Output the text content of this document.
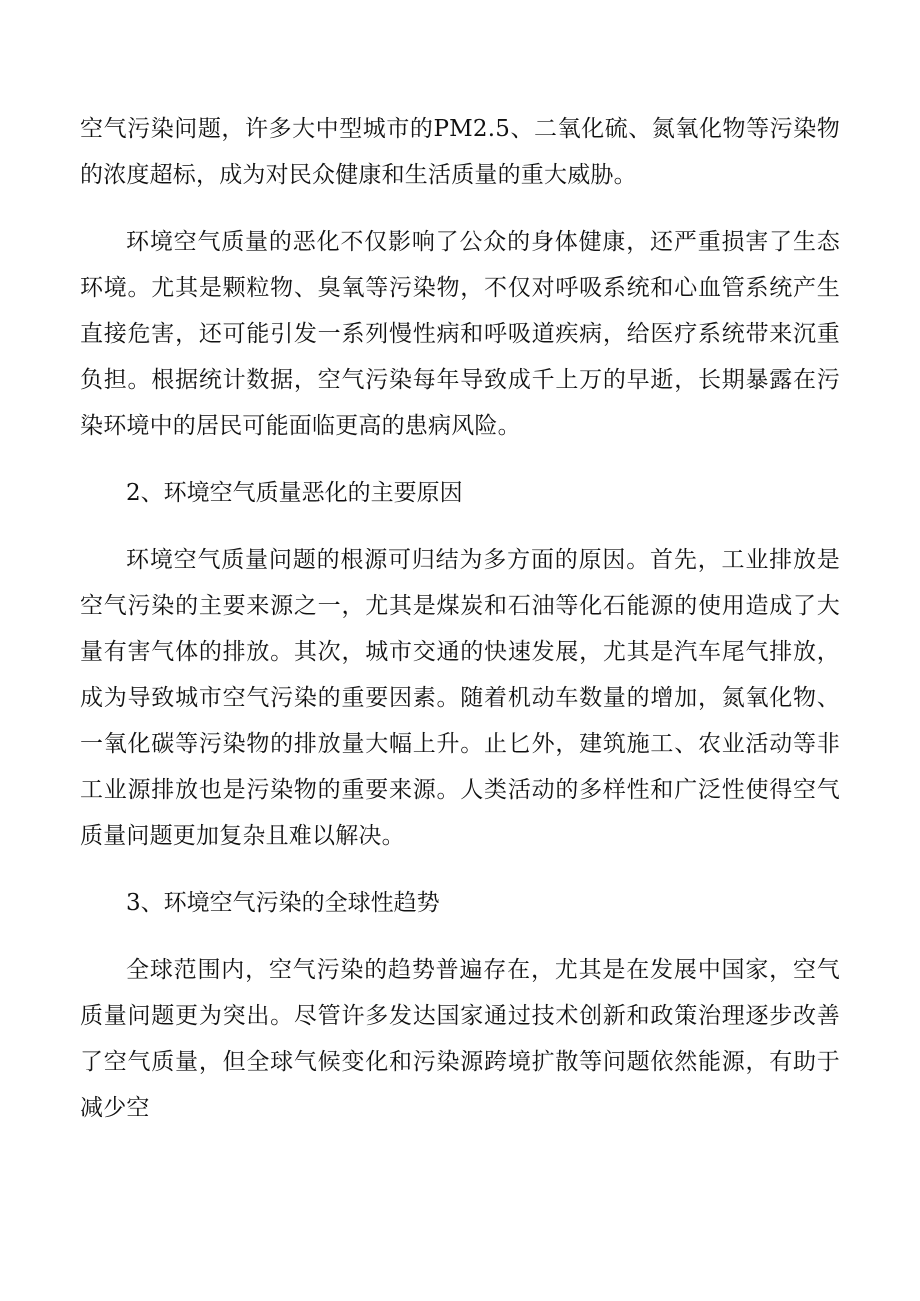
空气污染问题，许多大中型城市的PM2.5、二氧化硫、氮氧化物等污染物的浓度超标，成为对民众健康和生活质量的重大威胁。

环境空气质量的恶化不仅影响了公众的身体健康，还严重损害了生态环境。尤其是颗粒物、臭氧等污染物，不仅对呼吸系统和心血管系统产生直接危害，还可能引发一系列慢性病和呼吸道疾病，给医疗系统带来沉重负担。根据统计数据，空气污染每年导致成千上万的早逝，长期暴露在污染环境中的居民可能面临更高的患病风险。

2、环境空气质量恶化的主要原因

环境空气质量问题的根源可归结为多方面的原因。首先，工业排放是空气污染的主要来源之一，尤其是煤炭和石油等化石能源的使用造成了大量有害气体的排放。其次，城市交通的快速发展，尤其是汽车尾气排放，成为导致城市空气污染的重要因素。随着机动车数量的增加，氮氧化物、一氧化碳等污染物的排放量大幅上升。止匕外，建筑施工、农业活动等非工业源排放也是污染物的重要来源。人类活动的多样性和广泛性使得空气质量问题更加复杂且难以解决。

3、环境空气污染的全球性趋势

全球范围内，空气污染的趋势普遍存在，尤其是在发展中国家，空气质量问题更为突出。尽管许多发达国家通过技术创新和政策治理逐步改善了空气质量，但全球气候变化和污染源跨境扩散等问题依然能源，有助于减少空
